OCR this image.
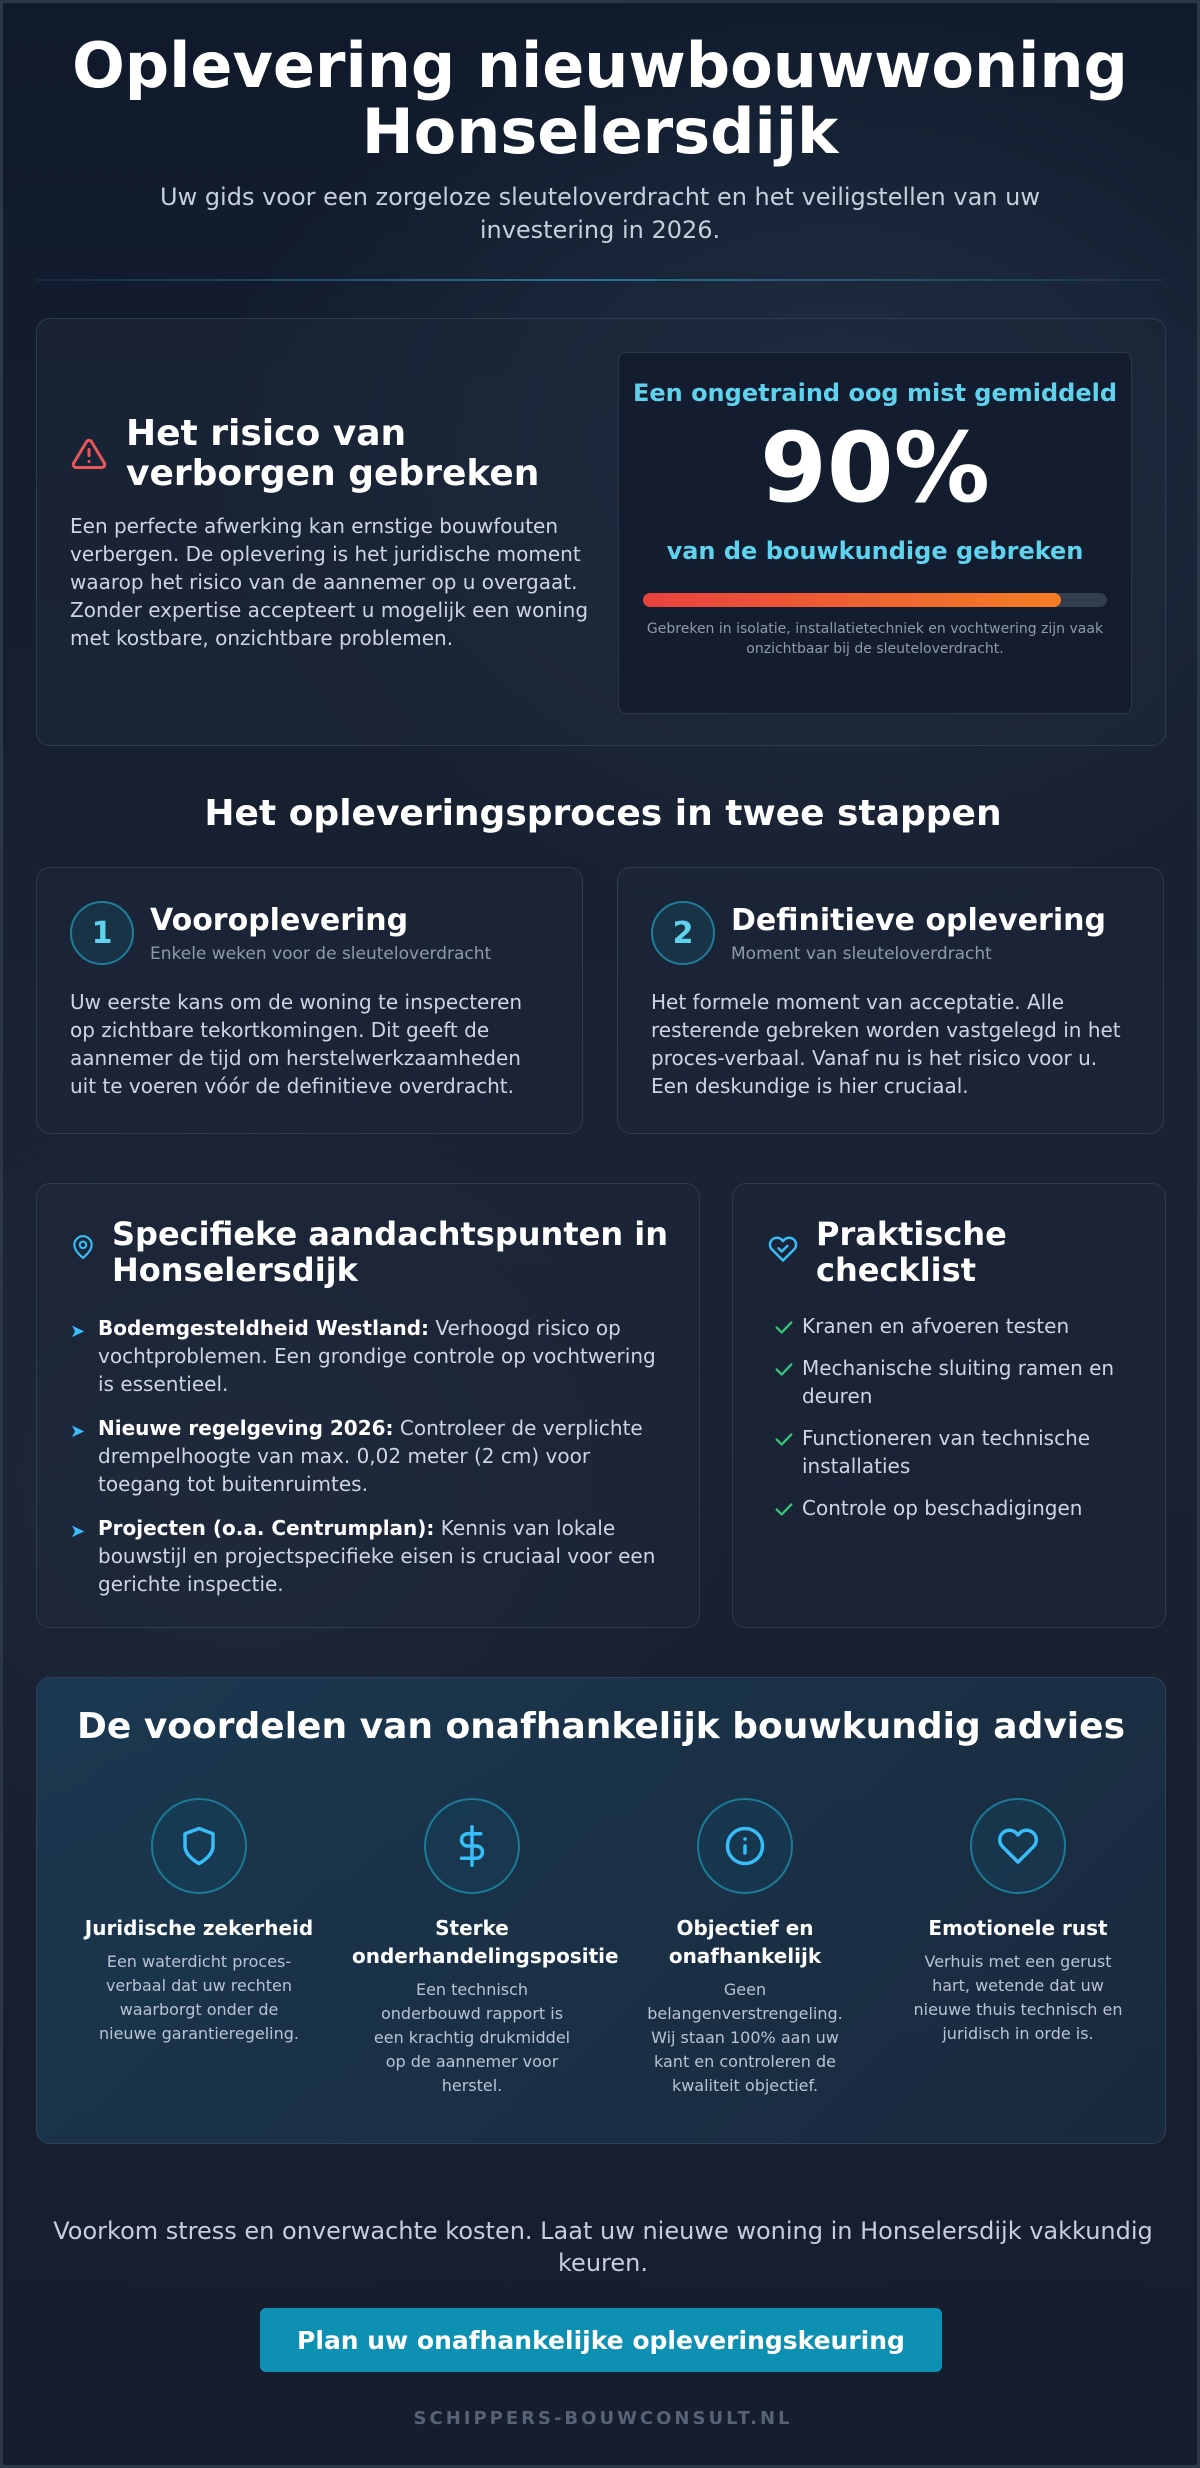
Oplevering nieuwbouwwoning Honselersdijk

Uw gids voor een zorgeloze sleuteloverdracht en het veiligstellen van uw investering in 2026.

Het risico van verborgen gebreken

Een perfecte afwerking kan ernstige bouwfouten verbergen. De oplevering is het juridische moment waarop het risico van de aannemer op u overgaat. Zonder expertise accepteert u mogelijk een woning met kostbare, onzichtbare problemen.

Een ongetraind oog mist gemiddeld
90%
van de bouwkundige gebreken
Gebreken in isolatie, installatietechniek en vochtwering zijn vaak onzichtbaar bij de sleuteloverdracht.
Het opleveringsproces in twee stappen
1	Vooroplevering
Enkele weken voor de sleuteloverdracht

Uw eerste kans om de woning te inspecteren op zichtbare tekortkomingen. Dit geeft de aannemer de tijd om herstelwerkzaamheden uit te voeren vóór de definitieve overdracht.

2	Definitieve oplevering
Moment van sleuteloverdracht

Het formele moment van acceptatie. Alle resterende gebreken worden vastgelegd in het proces-verbaal. Vanaf nu is het risico voor u. Een deskundige is hier cruciaal.

Specifieke aandachtspunten in Honselersdijk
➤ Bodemgesteldheid Westland: Verhoogd risico op vochtproblemen. Een grondige controle op vochtwering is essentieel.
➤ Nieuwe regelgeving 2026: Controleer de verplichte drempelhoogte van max. 0,02 meter (2 cm) voor toegang tot buitenruimtes.
➤ Projecten (o.a. Centrumplan): Kennis van lokale bouwstijl en projectspecifieke eisen is cruciaal voor een gerichte inspectie.
Praktische checklist
Kranen en afvoeren testen
Mechanische sluiting ramen en deuren
Functioneren van technische installaties
Controle op beschadigingen
De voordelen van onafhankelijk bouwkundig advies
Juridische zekerheid
Een waterdicht proces-verbaal dat uw rechten waarborgt onder de nieuwe garantieregeling.
Sterke onderhandelingspositie
Een technisch onderbouwd rapport is een krachtig drukmiddel op de aannemer voor herstel.
Objectief en onafhankelijk
Geen belangenverstrengeling. Wij staan 100% aan uw kant en controleren de kwaliteit objectief.
Emotionele rust
Verhuis met een gerust hart, wetende dat uw nieuwe thuis technisch en juridisch in orde is.

Voorkom stress en onverwachte kosten. Laat uw nieuwe woning in Honselersdijk vakkundig keuren.

Plan uw onafhankelijke opleveringskeuring
SCHIPPERS-BOUWCONSULT.NL
